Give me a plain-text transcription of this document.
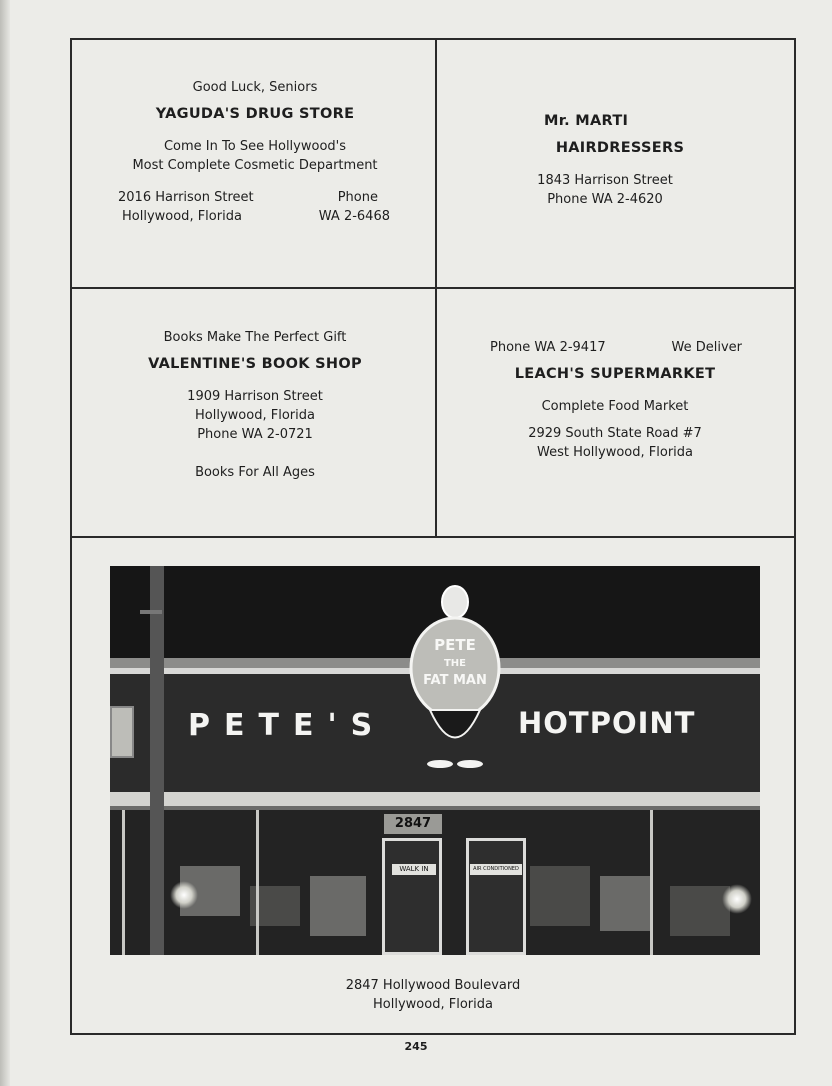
Good Luck, Seniors
YAGUDA'S DRUG STORE
Come In To See Hollywood's
Most Complete Cosmetic Department
2016 Harrison Street	Phone
Hollywood, Florida	WA 2-6468
Mr. MARTI
HAIRDRESSERS
1843 Harrison Street
Phone WA 2-4620
Books Make The Perfect Gift
VALENTINE'S BOOK SHOP
1909 Harrison Street
Hollywood, Florida
Phone WA 2-0721
Books For All Ages
Phone WA 2-9417	We Deliver
LEACH'S SUPERMARKET
Complete Food Market
2929 South State Road #7
West Hollywood, Florida
PETE'S	HOTPOINT
PETE
THE
FAT MAN
2847
WALK IN	AIR CONDITIONED
2847 Hollywood Boulevard
Hollywood, Florida
245
